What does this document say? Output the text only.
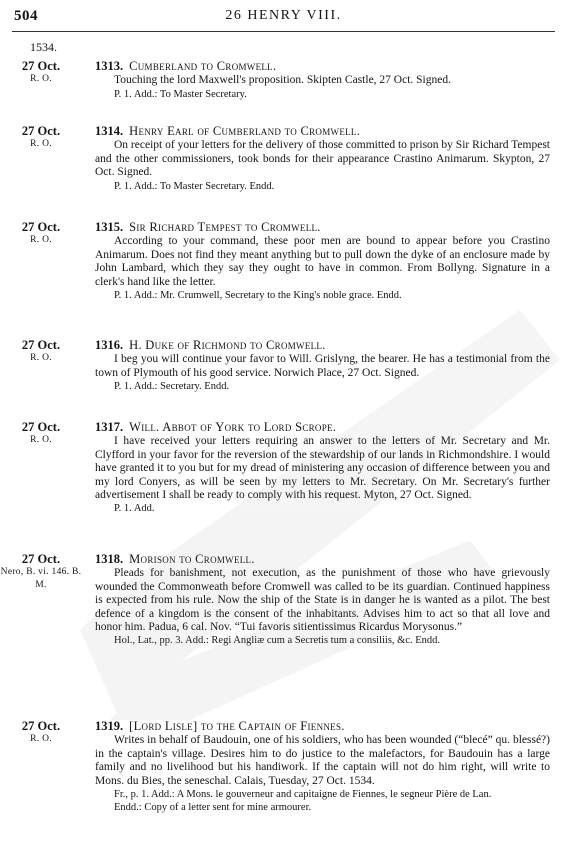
504	26 HENRY VIII.
1534.
27 Oct.
R. O.

1313. Cumberland to Cromwell.

Touching the lord Maxwell's proposition. Skipten Castle, 27 Oct. Signed.

P. 1. Add.: To Master Secretary.

27 Oct.
R. O.

1314. Henry Earl of Cumberland to Cromwell.

On receipt of your letters for the delivery of those committed to prison by Sir Richard Tempest and the other commissioners, took bonds for their appearance Crastino Animarum. Skypton, 27 Oct. Signed.

P. 1. Add.: To Master Secretary. Endd.

27 Oct.
R. O.

1315. Sir Richard Tempest to Cromwell.

According to your command, these poor men are bound to appear before you Crastino Animarum. Does not find they meant anything but to pull down the dyke of an enclosure made by John Lambard, which they say they ought to have in common. From Bollyng. Signature in a clerk's hand like the letter.

P. 1. Add.: Mr. Crumwell, Secretary to the King's noble grace. Endd.

27 Oct.
R. O.

1316. H. Duke of Richmond to Cromwell.

I beg you will continue your favor to Will. Grislyng, the bearer. He has a testimonial from the town of Plymouth of his good service. Norwich Place, 27 Oct. Signed.

P. 1. Add.: Secretary. Endd.

27 Oct.
R. O.

1317. Will. Abbot of York to Lord Scrope.

I have received your letters requiring an answer to the letters of Mr. Secretary and Mr. Clyfford in your favor for the reversion of the stewardship of our lands in Richmondshire. I would have granted it to you but for my dread of ministering any occasion of difference between you and my lord Conyers, as will be seen by my letters to Mr. Secretary. On Mr. Secretary's further advertisement I shall be ready to comply with his request. Myton, 27 Oct. Signed.

P. 1. Add.

27 Oct.
Nero, B. vi. 146. B. M.

1318. Morison to Cromwell.

Pleads for banishment, not execution, as the punishment of those who have grievously wounded the Commonweath before Cromwell was called to be its guardian. Continued happiness is expected from his rule. Now the ship of the State is in danger he is wanted as a pilot. The best defence of a kingdom is the consent of the inhabitants. Advises him to act so that all love and honor him. Padua, 6 cal. Nov. “Tui favoris sitientissimus Ricardus Morysonus.”

Hol., Lat., pp. 3. Add.: Regi Angliæ cum a Secretis tum a consiliis, &c. Endd.

27 Oct.
R. O.

1319. [Lord Lisle] to the Captain of Fiennes.

Writes in behalf of Baudouin, one of his soldiers, who has been wounded (“blecé” qu. blessé?) in the captain's village. Desires him to do justice to the malefactors, for Baudouin has a large family and no livelihood but his handiwork. If the captain will not do him right, will write to Mons. du Bies, the seneschal. Calais, Tuesday, 27 Oct. 1534.

Fr., p. 1. Add.: A Mons. le gouverneur and capitaigne de Fiennes, le segneur Pière de Lan.

Endd.: Copy of a letter sent for mine armourer.
